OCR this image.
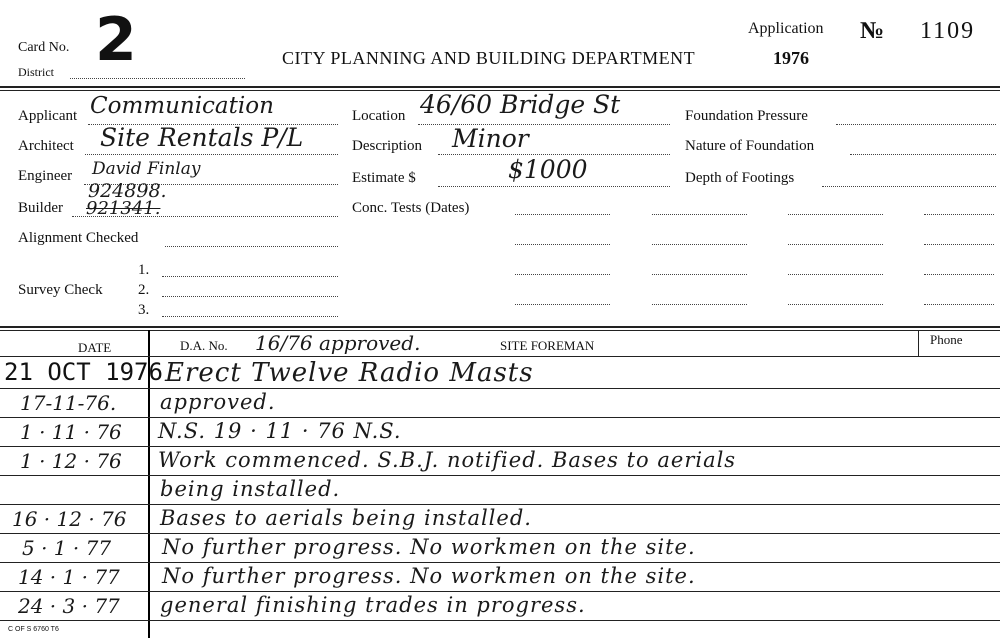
Card No.
District 2	CITY PLANNING AND BUILDING DEPARTMENT
Application
1976
№ 1109
Applicant Communication
Architect Site Rentals P/L
Engineer David Finlay
924898.
Builder 921341.
Alignment Checked
1.
Survey Check 2.
3.
Location 46/60 Bridge St
Description Minor
Estimate $	$1000
Conc. Tests (Dates)
Foundation Pressure
Nature of Foundation
Depth of Footings
DATE	D.A. No. 16/76 approved.	SITE FOREMAN	Phone
21 OCT 1976 Erect Twelve Radio Masts
17-11-76. approved.
1 · 11 · 76 N.S. 19 · 11 · 76 N.S.
1 · 12 · 76 Work commenced. S.B.J. notified. Bases to aerials
being installed.
16 · 12 · 76 Bases to aerials being installed.
5 · 1 · 77 No further progress. No workmen on the site.
14 · 1 · 77 No further progress. No workmen on the site.
24 · 3 · 77 general finishing trades in progress.
C OF S 6760 T6
